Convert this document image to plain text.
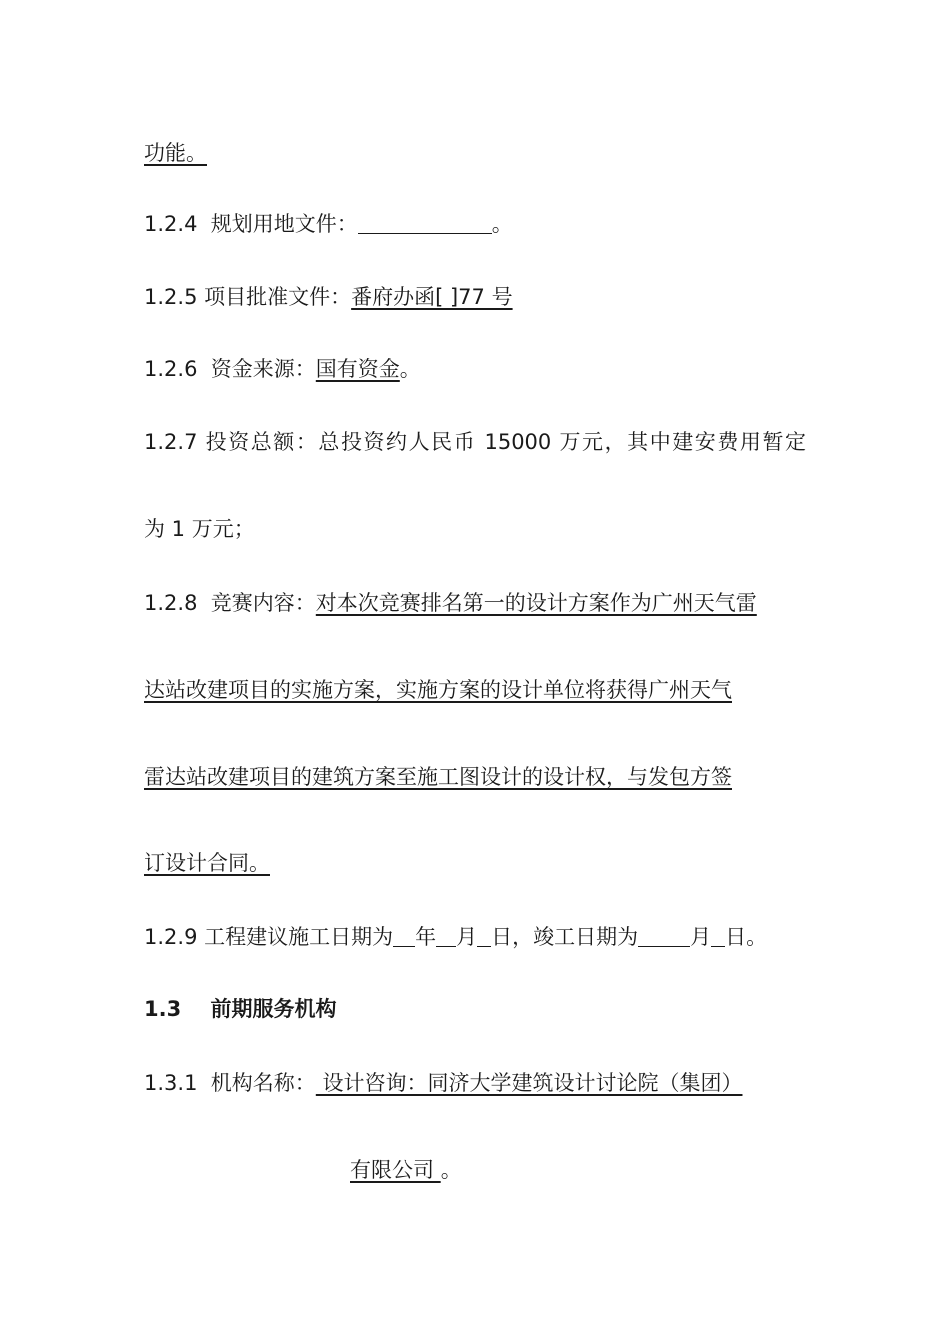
功能。
1.2.4 规划用地文件：	。
1.2.5 项目批准文件：番府办函[ ]77 号
1.2.6 资金来源：国有资金。
1.2.7 投资总额：总投资约人民币 15000 万元，其中建安费用暂定
为 1 万元；
1.2.8 竞赛内容：对本次竞赛排名第一的设计方案作为广州天气雷
达站改建项目的实施方案，实施方案的设计单位将获得广州天气
雷达站改建项目的建筑方案至施工图设计的设计权，与发包方签
订设计合同。
1.2.9 工程建议施工日期为 年 月 日，竣工日期为 月 日。
1.3 前期服务机构
1.3.1 机构名称： 设计咨询：同济大学建筑设计讨论院（集团）
有限公司 。
